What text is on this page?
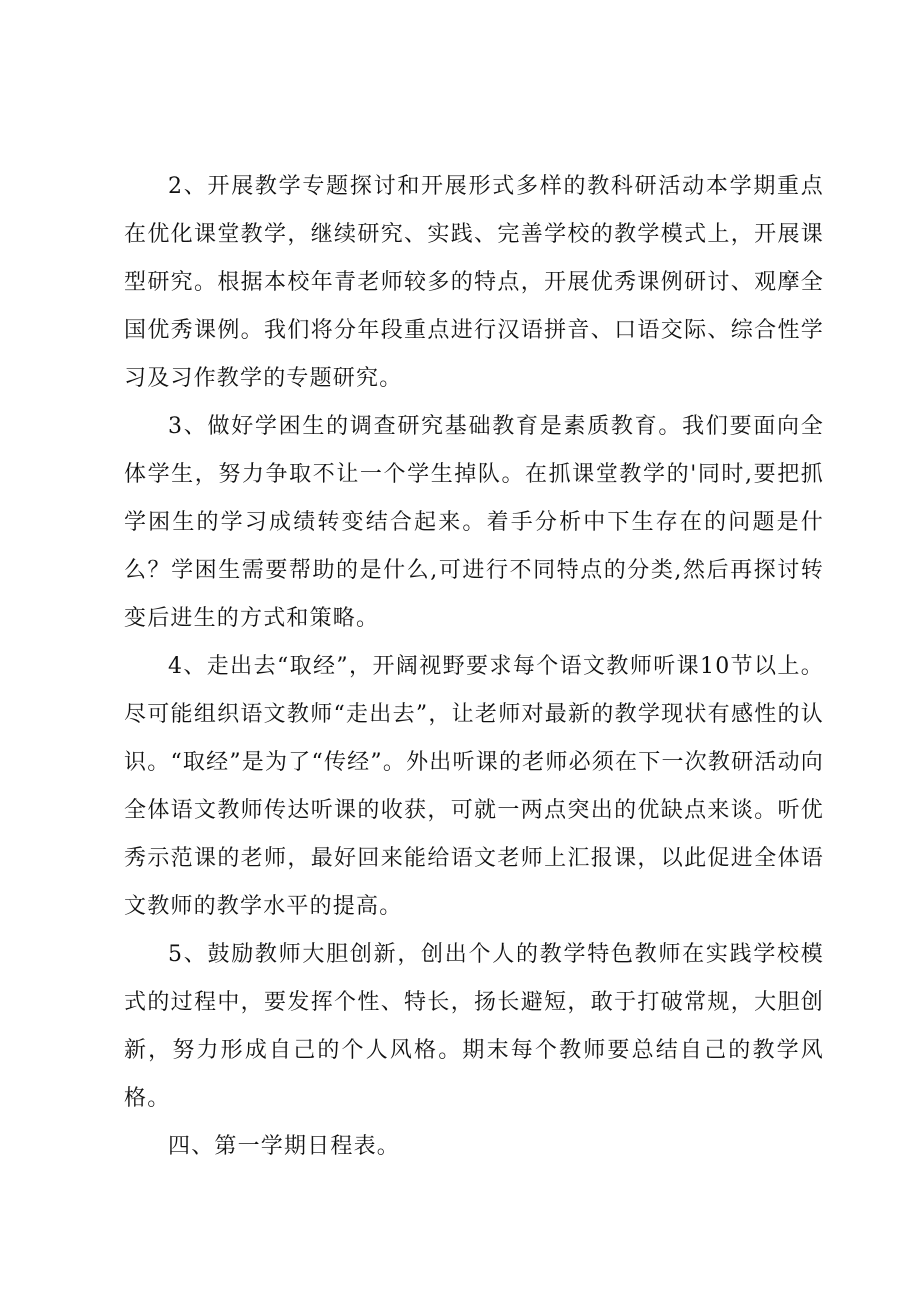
2、开展教学专题探讨和开展形式多样的教科研活动本学期重点在优化课堂教学，继续研究、实践、完善学校的教学模式上，开展课型研究。根据本校年青老师较多的特点，开展优秀课例研讨、观摩全国优秀课例。我们将分年段重点进行汉语拼音、口语交际、综合性学习及习作教学的专题研究。

3、做好学困生的调查研究基础教育是素质教育。我们要面向全体学生，努力争取不让一个学生掉队。在抓课堂教学的'同时,要把抓学困生的学习成绩转变结合起来。着手分析中下生存在的问题是什么？学困生需要帮助的是什么,可进行不同特点的分类,然后再探讨转变后进生的方式和策略。

4、走出去“取经”，开阔视野要求每个语文教师听课10节以上。尽可能组织语文教师“走出去”，让老师对最新的教学现状有感性的认识。“取经”是为了“传经”。外出听课的老师必须在下一次教研活动向全体语文教师传达听课的收获，可就一两点突出的优缺点来谈。听优秀示范课的老师，最好回来能给语文老师上汇报课，以此促进全体语文教师的教学水平的提高。

5、鼓励教师大胆创新，创出个人的教学特色教师在实践学校模式的过程中，要发挥个性、特长，扬长避短，敢于打破常规，大胆创新，努力形成自己的个人风格。期末每个教师要总结自己的教学风格。

四、第一学期日程表。
